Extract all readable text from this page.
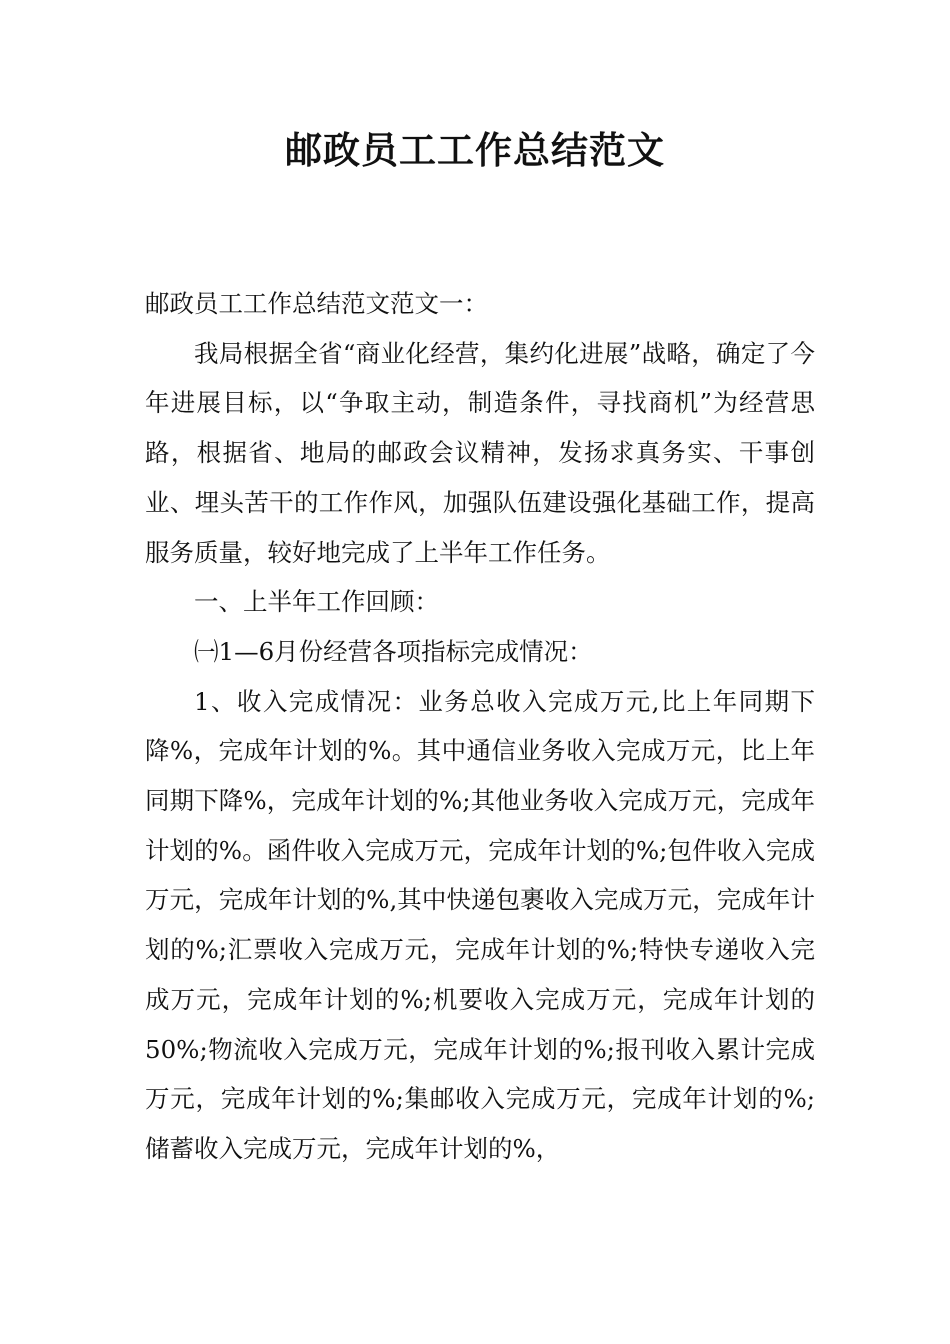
邮政员工工作总结范文

邮政员工工作总结范文范文一：

我局根据全省“商业化经营，集约化进展”战略，确定了今年进展目标，以“争取主动，制造条件，寻找商机”为经营思路，根据省、地局的邮政会议精神，发扬求真务实、干事创业、埋头苦干的工作作风，加强队伍建设强化基础工作，提高服务质量，较好地完成了上半年工作任务。

一、上半年工作回顾：

㈠1—6月份经营各项指标完成情况：

1、收入完成情况：业务总收入完成万元,比上年同期下降%，完成年计划的%。其中通信业务收入完成万元，比上年同期下降%，完成年计划的%;其他业务收入完成万元，完成年计划的%。函件收入完成万元，完成年计划的%;包件收入完成万元，完成年计划的%,其中快递包裹收入完成万元，完成年计划的%;汇票收入完成万元，完成年计划的%;特快专递收入完成万元，完成年计划的%;机要收入完成万元，完成年计划的 50%;物流收入完成万元，完成年计划的%;报刊收入累计完成万元，完成年计划的%;集邮收入完成万元，完成年计划的%;储蓄收入完成万元，完成年计划的%，
